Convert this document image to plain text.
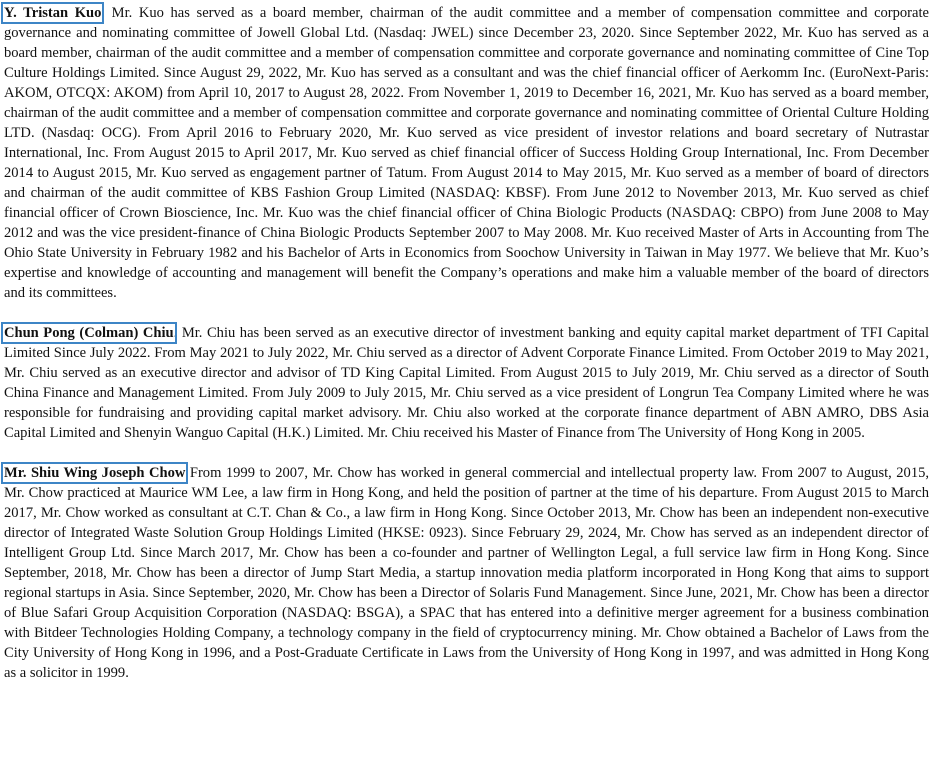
Y. Tristan Kuo. Mr. Kuo has served as a board member, chairman of the audit committee and a member of compensation committee and corporate governance and nominating committee of Jowell Global Ltd. (Nasdaq: JWEL) since December 23, 2020. Since September 2022, Mr. Kuo has served as a board member, chairman of the audit committee and a member of compensation committee and corporate governance and nominating committee of Cine Top Culture Holdings Limited. Since August 29, 2022, Mr. Kuo has served as a consultant and was the chief financial officer of Aerkomm Inc. (EuroNext-Paris: AKOM, OTCQX: AKOM) from April 10, 2017 to August 28, 2022. From November 1, 2019 to December 16, 2021, Mr. Kuo has served as a board member, chairman of the audit committee and a member of compensation committee and corporate governance and nominating committee of Oriental Culture Holding LTD. (Nasdaq: OCG). From April 2016 to February 2020, Mr. Kuo served as vice president of investor relations and board secretary of Nutrastar International, Inc. From August 2015 to April 2017, Mr. Kuo served as chief financial officer of Success Holding Group International, Inc. From December 2014 to August 2015, Mr. Kuo served as engagement partner of Tatum. From August 2014 to May 2015, Mr. Kuo served as a member of board of directors and chairman of the audit committee of KBS Fashion Group Limited (NASDAQ: KBSF). From June 2012 to November 2013, Mr. Kuo served as chief financial officer of Crown Bioscience, Inc. Mr. Kuo was the chief financial officer of China Biologic Products (NASDAQ: CBPO) from June 2008 to May 2012 and was the vice president-finance of China Biologic Products September 2007 to May 2008. Mr. Kuo received Master of Arts in Accounting from The Ohio State University in February 1982 and his Bachelor of Arts in Economics from Soochow University in Taiwan in May 1977. We believe that Mr. Kuo’s expertise and knowledge of accounting and management will benefit the Company’s operations and make him a valuable member of the board of directors and its committees.

Chun Pong (Colman) Chiu. Mr. Chiu has been served as an executive director of investment banking and equity capital market department of TFI Capital Limited Since July 2022. From May 2021 to July 2022, Mr. Chiu served as a director of Advent Corporate Finance Limited. From October 2019 to May 2021, Mr. Chiu served as an executive director and advisor of TD King Capital Limited. From August 2015 to July 2019, Mr. Chiu served as a director of South China Finance and Management Limited. From July 2009 to July 2015, Mr. Chiu served as a vice president of Longrun Tea Company Limited where he was responsible for fundraising and providing capital market advisory. Mr. Chiu also worked at the corporate finance department of ABN AMRO, DBS Asia Capital Limited and Shenyin Wanguo Capital (H.K.) Limited. Mr. Chiu received his Master of Finance from The University of Hong Kong in 2005.

Mr. Shiu Wing Joseph Chow From 1999 to 2007, Mr. Chow has worked in general commercial and intellectual property law. From 2007 to August, 2015, Mr. Chow practiced at Maurice WM Lee, a law firm in Hong Kong, and held the position of partner at the time of his departure. From August 2015 to March 2017, Mr. Chow worked as consultant at C.T. Chan & Co., a law firm in Hong Kong. Since October 2013, Mr. Chow has been an independent non-executive director of Integrated Waste Solution Group Holdings Limited (HKSE: 0923). Since February 29, 2024, Mr. Chow has served as an independent director of Intelligent Group Ltd. Since March 2017, Mr. Chow has been a co-founder and partner of Wellington Legal, a full service law firm in Hong Kong. Since September, 2018, Mr. Chow has been a director of Jump Start Media, a startup innovation media platform incorporated in Hong Kong that aims to support regional startups in Asia. Since September, 2020, Mr. Chow has been a Director of Solaris Fund Management. Since June, 2021, Mr. Chow has been a director of Blue Safari Group Acquisition Corporation (NASDAQ: BSGA), a SPAC that has entered into a definitive merger agreement for a business combination with Bitdeer Technologies Holding Company, a technology company in the field of cryptocurrency mining. Mr. Chow obtained a Bachelor of Laws from the City University of Hong Kong in 1996, and a Post-Graduate Certificate in Laws from the University of Hong Kong in 1997, and was admitted in Hong Kong as a solicitor in 1999.
